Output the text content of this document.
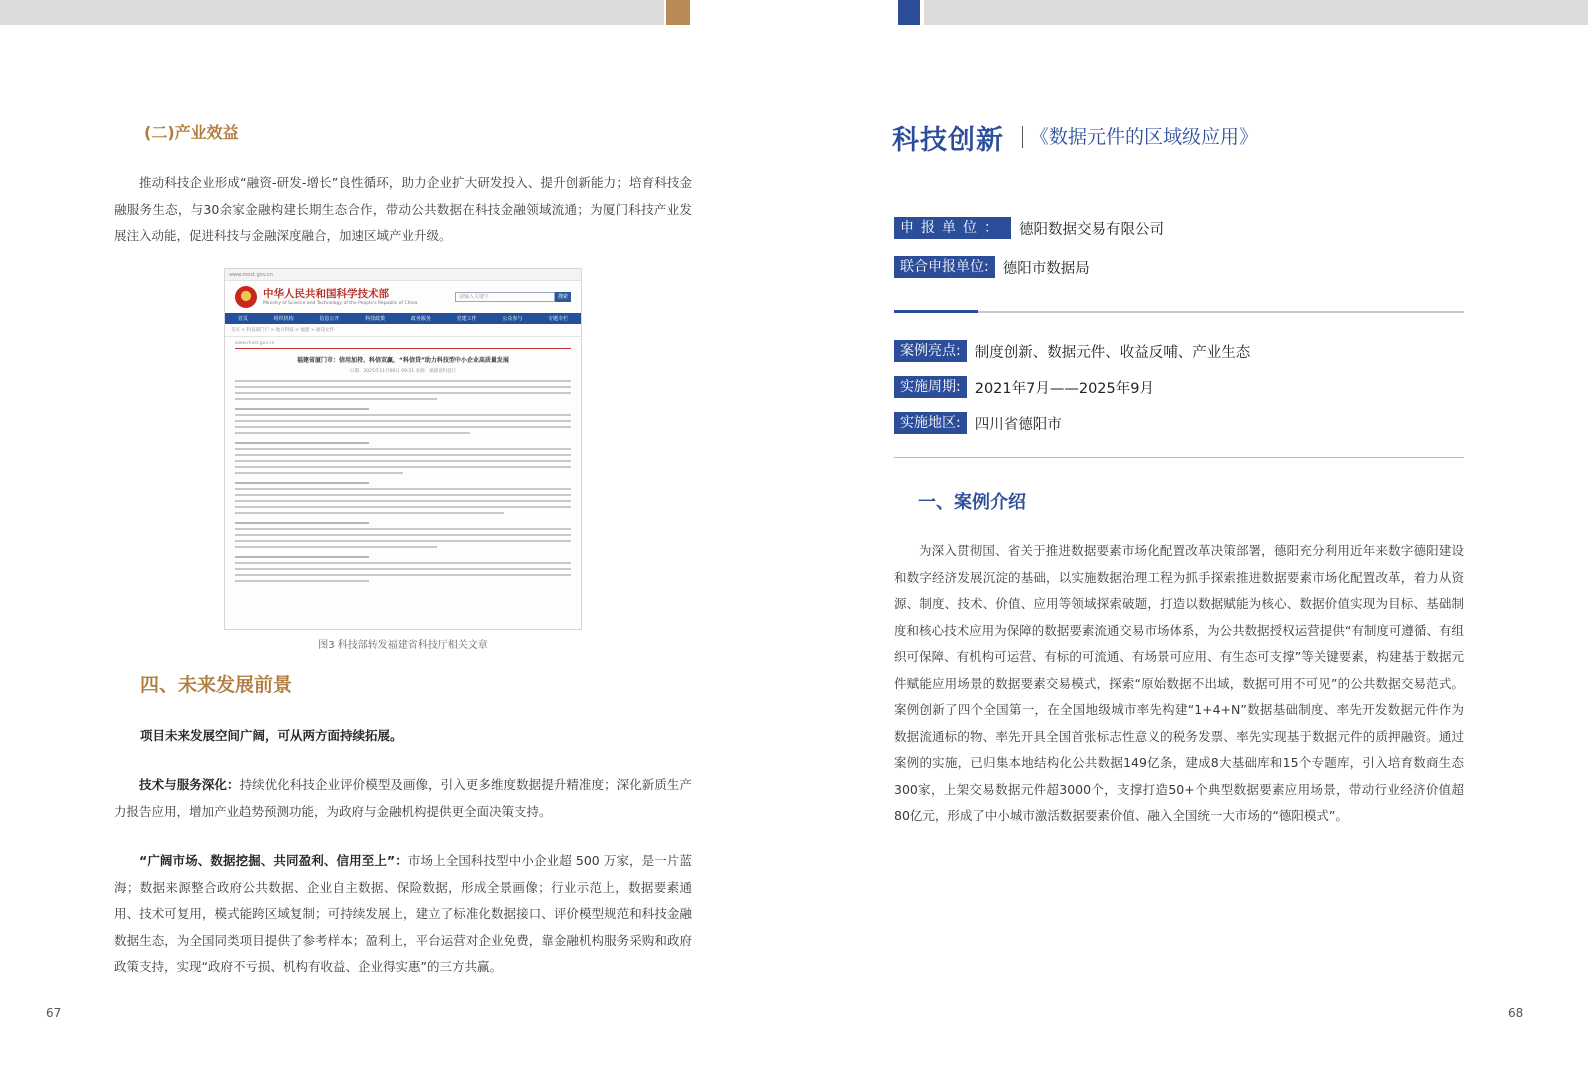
(二)产业效益

推动科技企业形成“融资-研发-增长”良性循环，助力企业扩大研发投入、提升创新能力；培育科技金融服务生态，与30余家金融构建长期生态合作，带动公共数据在科技金融领域流通；为厦门科技产业发展注入动能，促进科技与金融深度融合，加速区域产业升级。

www.most.gov.cn
中华人民共和国科学技术部
Ministry of Science and Technology of the People's Republic of China
请输入关键字	搜索
首页	组织机构	信息公开	科技政策	政务服务	党建工作	公众参与	专题专栏
首页 > 科技部门户 > 地方科技 > 福建 > 通知文件
www.most.gov.cn
福建省厦门市：信用加持、科信双赢，“科信贷”助力科技型中小企业高质量发展
日期：2025年11月06日 09:21 来源：福建省科技厅
图3 科技部转发福建省科技厅相关文章
四、未来发展前景
项目未来发展空间广阔，可从两方面持续拓展。

技术与服务深化：持续优化科技企业评价模型及画像，引入更多维度数据提升精准度；深化新质生产力报告应用，增加产业趋势预测功能，为政府与金融机构提供更全面决策支持。

“广阔市场、数据挖掘、共同盈利、信用至上”：市场上全国科技型中小企业超 500 万家，是一片蓝海；数据来源整合政府公共数据、企业自主数据、保险数据，形成全景画像；行业示范上，数据要素通用、技术可复用，模式能跨区域复制；可持续发展上，建立了标准化数据接口、评价模型规范和科技金融数据生态，为全国同类项目提供了参考样本；盈利上，平台运营对企业免费，靠金融机构服务采购和政府政策支持，实现“政府不亏损、机构有收益、企业得实惠”的三方共赢。

67
科技创新 《数据元件的区域级应用》
申报单位： 德阳数据交易有限公司
联合申报单位: 德阳市数据局
案例亮点: 制度创新、数据元件、收益反哺、产业生态
实施周期: 2021年7月——2025年9月
实施地区: 四川省德阳市
一、案例介绍

为深入贯彻国、省关于推进数据要素市场化配置改革决策部署，德阳充分利用近年来数字德阳建设和数字经济发展沉淀的基础，以实施数据治理工程为抓手探索推进数据要素市场化配置改革，着力从资源、制度、技术、价值、应用等领域探索破题，打造以数据赋能为核心、数据价值实现为目标、基础制度和核心技术应用为保障的数据要素流通交易市场体系，为公共数据授权运营提供“有制度可遵循、有组织可保障、有机构可运营、有标的可流通、有场景可应用、有生态可支撑”等关键要素，构建基于数据元件赋能应用场景的数据要素交易模式，探索“原始数据不出域，数据可用不可见”的公共数据交易范式。案例创新了四个全国第一，在全国地级城市率先构建“1+4+N”数据基础制度、率先开发数据元件作为数据流通标的物、率先开具全国首张标志性意义的税务发票、率先实现基于数据元件的质押融资。通过案例的实施，已归集本地结构化公共数据149亿条，建成8大基础库和15个专题库，引入培育数商生态300家，上架交易数据元件超3000个，支撑打造50+个典型数据要素应用场景，带动行业经济价值超80亿元，形成了中小城市激活数据要素价值、融入全国统一大市场的“德阳模式”。

68
